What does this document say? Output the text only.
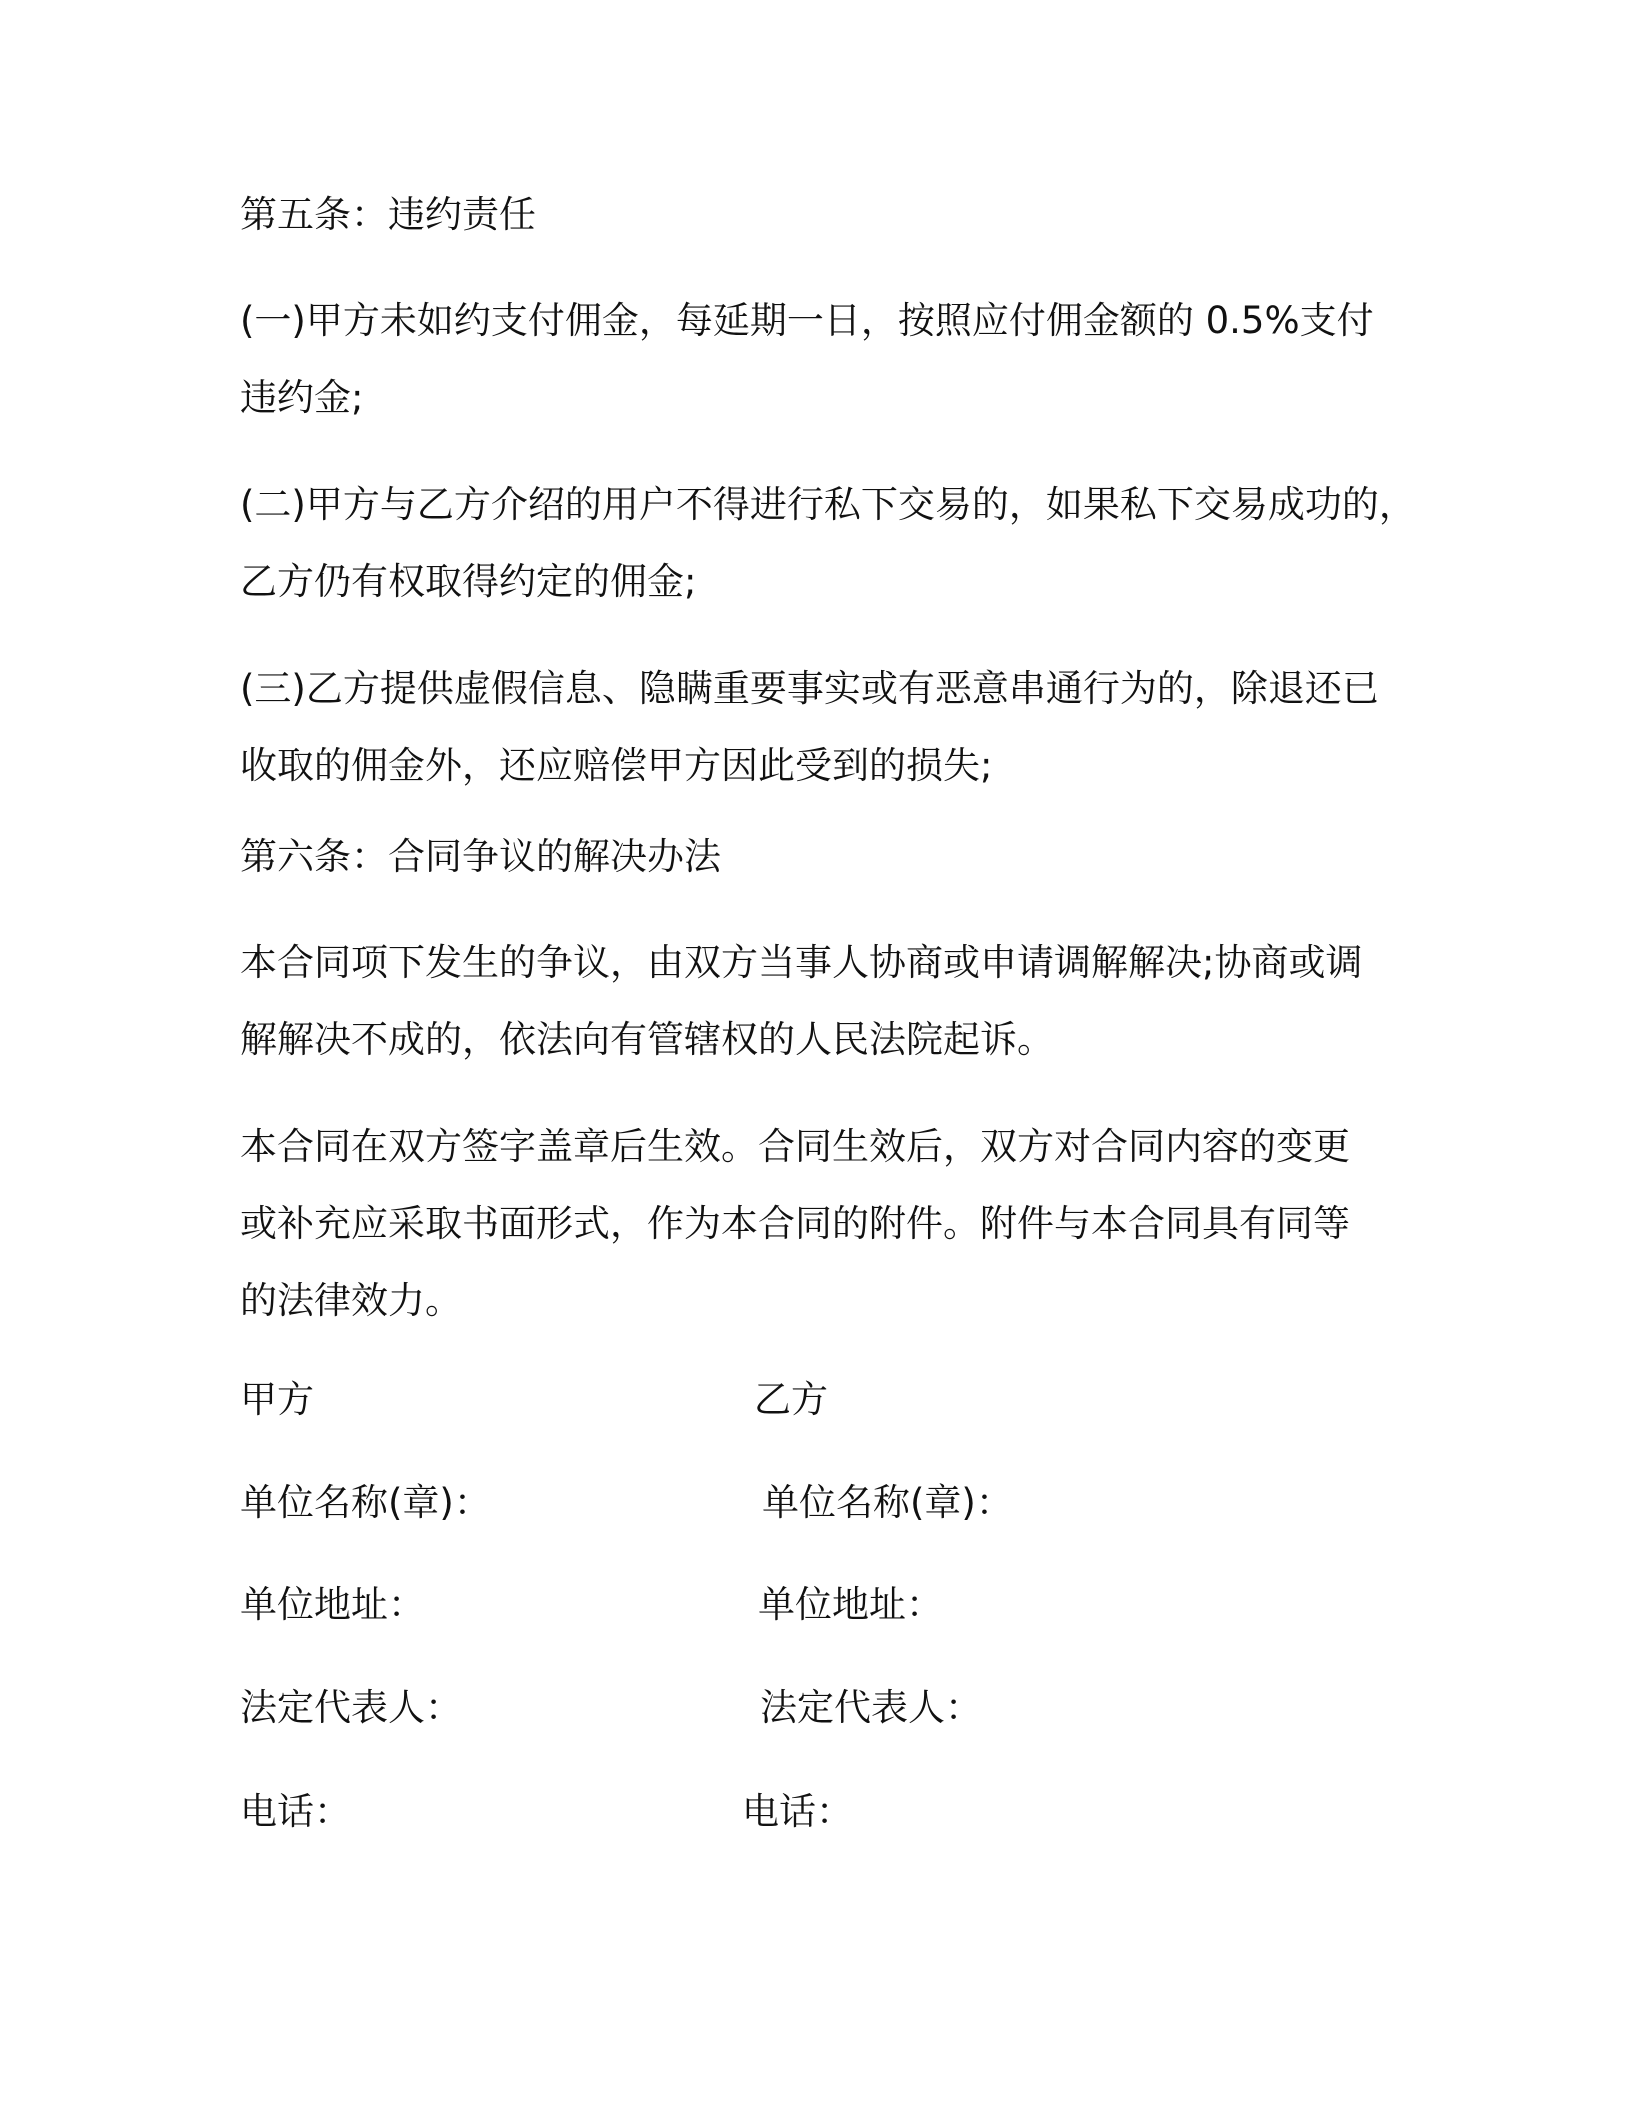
第五条：违约责任
(一)甲方未如约支付佣金，每延期一日，按照应付佣金额的 0.5%支付
违约金;
(二)甲方与乙方介绍的用户不得进行私下交易的，如果私下交易成功的，
乙方仍有权取得约定的佣金;
(三)乙方提供虚假信息、隐瞒重要事实或有恶意串通行为的，除退还已
收取的佣金外，还应赔偿甲方因此受到的损失;
第六条：合同争议的解决办法
本合同项下发生的争议，由双方当事人协商或申请调解解决;协商或调
解解决不成的，依法向有管辖权的人民法院起诉。
本合同在双方签字盖章后生效。合同生效后，双方对合同内容的变更
或补充应采取书面形式，作为本合同的附件。附件与本合同具有同等
的法律效力。
甲方	乙方
单位名称(章)：	单位名称(章)：
单位地址：	单位地址：
法定代表人：	法定代表人：
电话：	电话：
